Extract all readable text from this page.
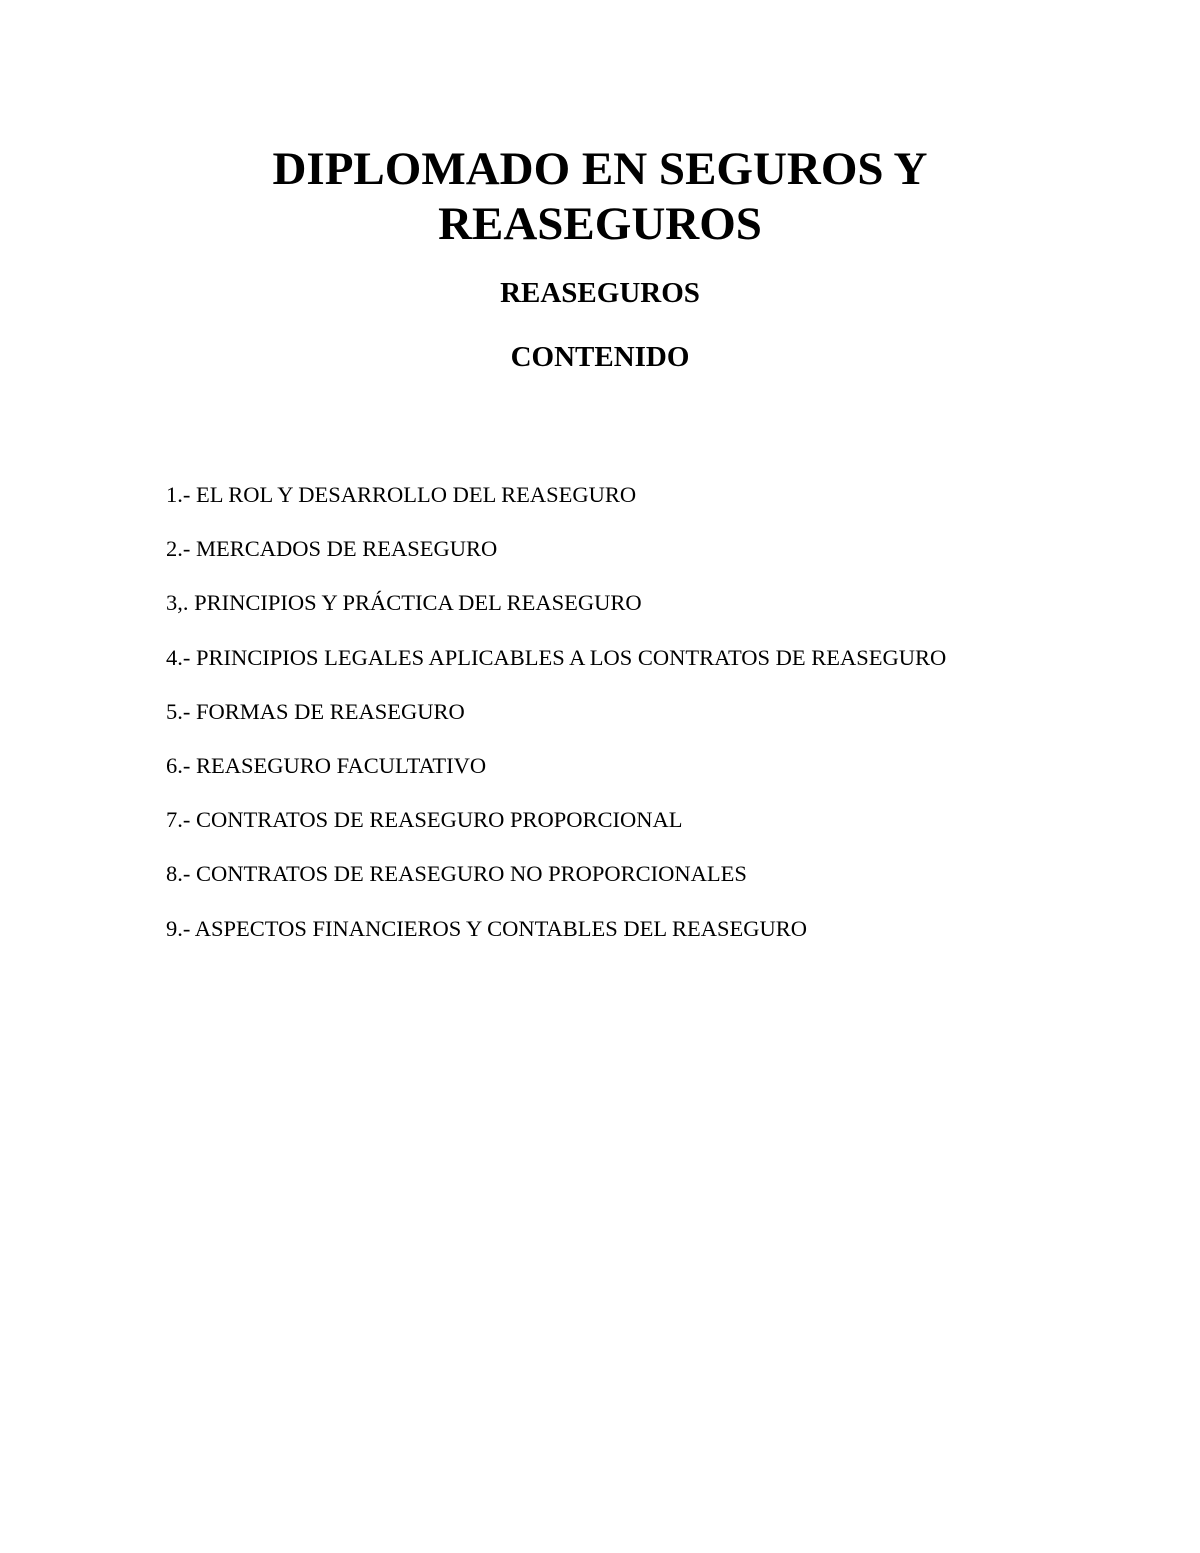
DIPLOMADO EN SEGUROS Y
REASEGUROS
REASEGUROS
CONTENIDO
1.- EL ROL Y DESARROLLO DEL REASEGURO
2.- MERCADOS DE REASEGURO
3,. PRINCIPIOS Y PRÁCTICA DEL REASEGURO
4.- PRINCIPIOS LEGALES APLICABLES A LOS CONTRATOS DE REASEGURO
5.- FORMAS DE REASEGURO
6.- REASEGURO FACULTATIVO
7.- CONTRATOS DE REASEGURO PROPORCIONAL
8.- CONTRATOS DE REASEGURO NO PROPORCIONALES
9.- ASPECTOS FINANCIEROS Y CONTABLES DEL REASEGURO
